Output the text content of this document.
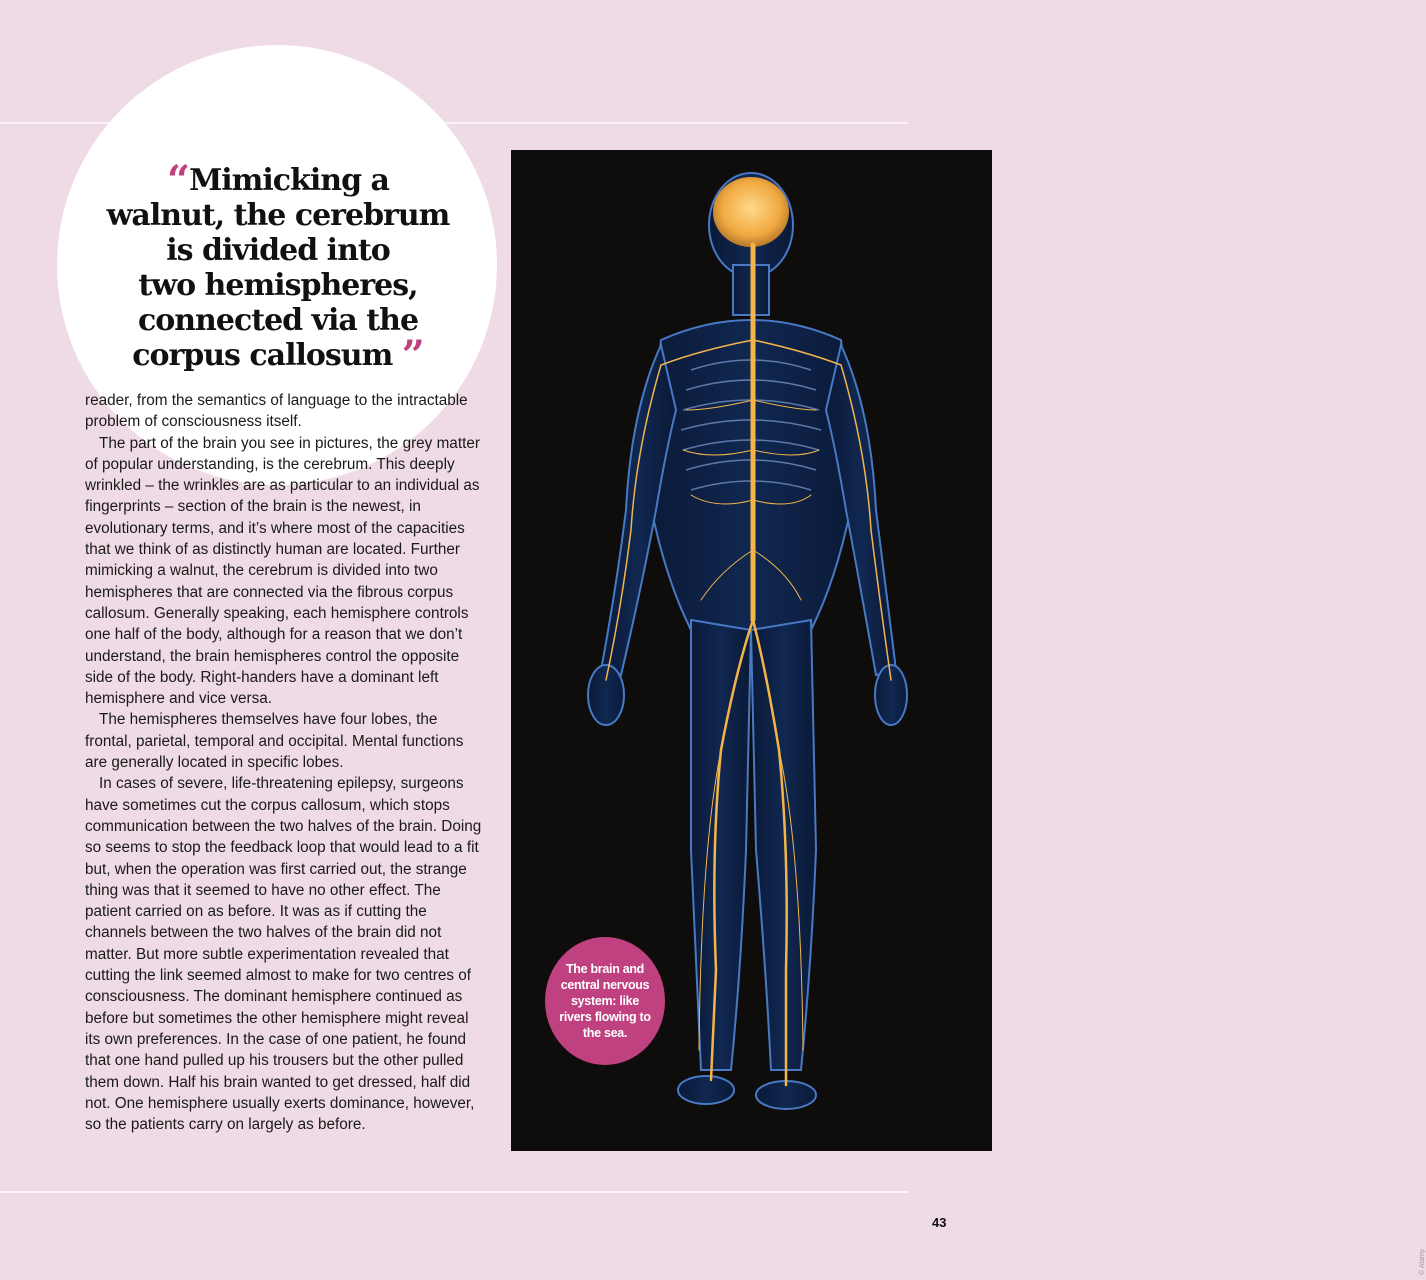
“Mimicking a
walnut, the cerebrum
is divided into
two hemispheres,
connected via the
corpus callosum ”

reader, from the semantics of language to the intractable problem of consciousness itself.

The part of the brain you see in pictures, the grey matter of popular understanding, is the cerebrum. This deeply wrinkled – the wrinkles are as particular to an individual as fingerprints – section of the brain is the newest, in evolutionary terms, and it’s where most of the capacities that we think of as distinctly human are located. Further mimicking a walnut, the cerebrum is divided into two hemispheres that are connected via the fibrous corpus callosum. Generally speaking, each hemisphere controls one half of the body, although for a reason that we don’t understand, the brain hemispheres control the opposite side of the body. Right-handers have a dominant left hemisphere and vice versa.

The hemispheres themselves have four lobes, the frontal, parietal, temporal and occipital. Mental functions are generally located in specific lobes.

In cases of severe, life-threatening epilepsy, surgeons have sometimes cut the corpus callosum, which stops communication between the two halves of the brain. Doing so seems to stop the feedback loop that would lead to a fit but, when the operation was first carried out, the strange thing was that it seemed to have no other effect. The patient carried on as before. It was as if cutting the channels between the two halves of the brain did not matter. But more subtle experimentation revealed that cutting the link seemed almost to make for two centres of consciousness. The dominant hemisphere continued as before but sometimes the other hemisphere might reveal its own preferences. In the case of one patient, he found that one hand pulled up his trousers but the other pulled them down. Half his brain wanted to get dressed, half did not. One hemisphere usually exerts dominance, however, so the patients carry on largely as before.

© Alamy
The brain and central nervous system: like rivers flowing to the sea.
43
